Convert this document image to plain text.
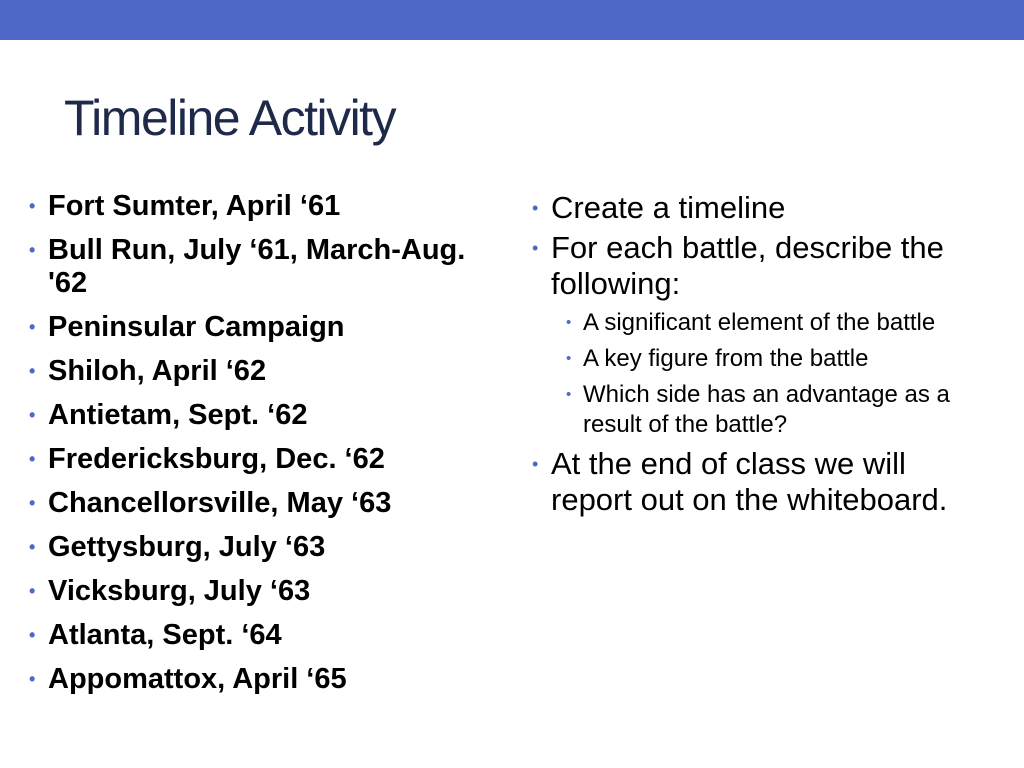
Timeline Activity
• Fort Sumter, April ‘61
• Bull Run, July ‘61, March-Aug. '62
• Peninsular Campaign
• Shiloh, April ‘62
• Antietam, Sept. ‘62
• Fredericksburg, Dec. ‘62
• Chancellorsville, May ‘63
• Gettysburg, July ‘63
• Vicksburg, July ‘63
• Atlanta, Sept. ‘64
• Appomattox, April ‘65
• Create a timeline
• For each battle, describe the following:
• A significant element of the battle
• A key figure from the battle
• Which side has an advantage as a result of the battle?
• At the end of class we will report out on the whiteboard.
